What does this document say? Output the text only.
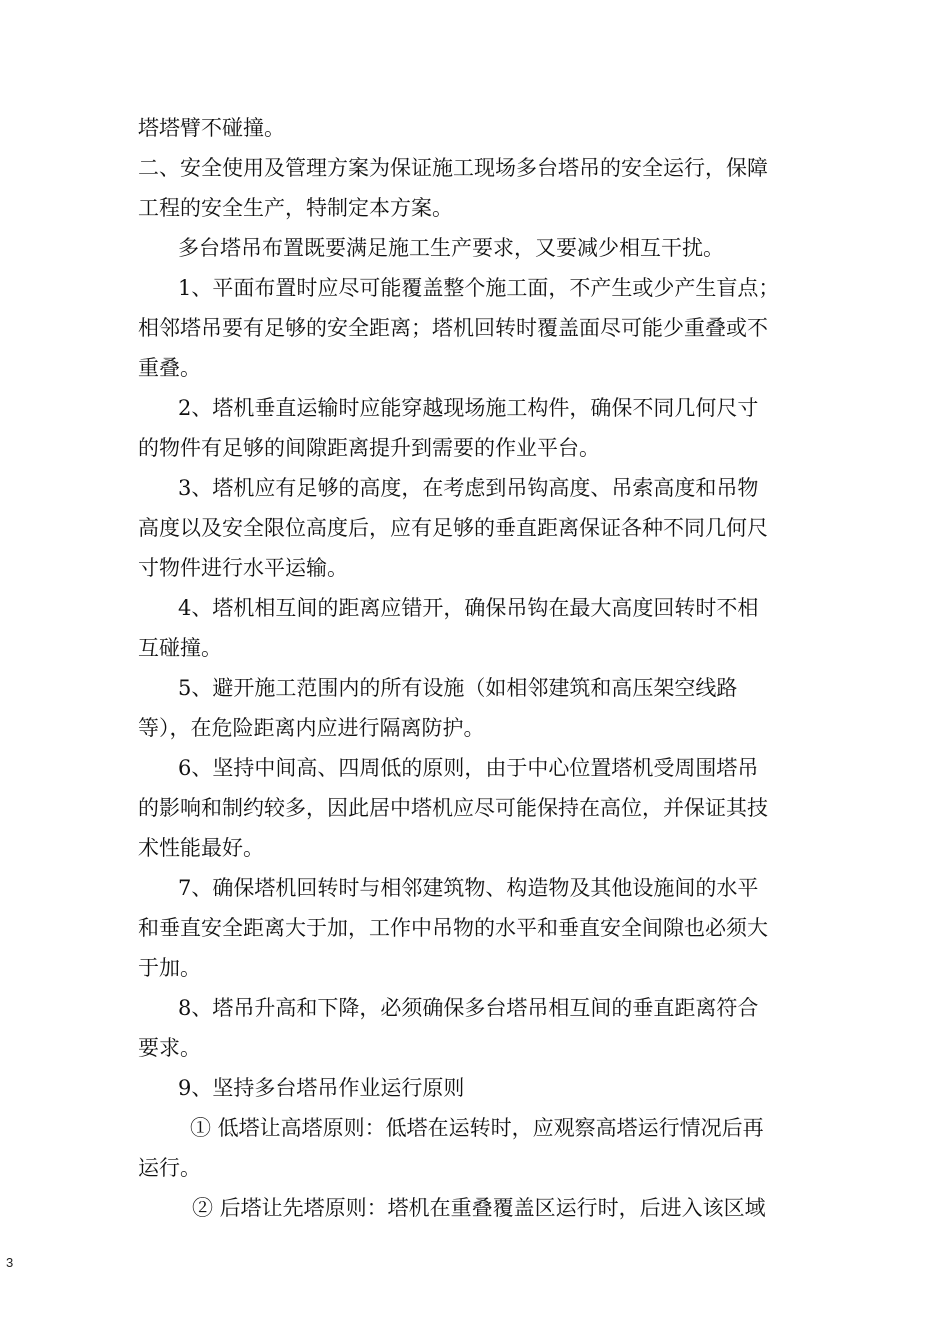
塔塔臂不碰撞。
二、安全使用及管理方案为保证施工现场多台塔吊的安全运行，保障
工程的安全生产，特制定本方案。
多台塔吊布置既要满足施工生产要求，又要减少相互干扰。
1、平面布置时应尽可能覆盖整个施工面，不产生或少产生盲点；
相邻塔吊要有足够的安全距离；塔机回转时覆盖面尽可能少重叠或不
重叠。
2、塔机垂直运输时应能穿越现场施工构件，确保不同几何尺寸
的物件有足够的间隙距离提升到需要的作业平台。
3、塔机应有足够的高度，在考虑到吊钩高度、吊索高度和吊物
高度以及安全限位高度后，应有足够的垂直距离保证各种不同几何尺
寸物件进行水平运输。
4、塔机相互间的距离应错开，确保吊钩在最大高度回转时不相
互碰撞。
5、避开施工范围内的所有设施（如相邻建筑和高压架空线路
等），在危险距离内应进行隔离防护。
6、坚持中间高、四周低的原则，由于中心位置塔机受周围塔吊
的影响和制约较多，因此居中塔机应尽可能保持在高位，并保证其技
术性能最好。
7、确保塔机回转时与相邻建筑物、构造物及其他设施间的水平
和垂直安全距离大于加，工作中吊物的水平和垂直安全间隙也必须大
于加。
8、塔吊升高和下降，必须确保多台塔吊相互间的垂直距离符合
要求。
9、坚持多台塔吊作业运行原则
① 低塔让高塔原则：低塔在运转时，应观察高塔运行情况后再
运行。
② 后塔让先塔原则：塔机在重叠覆盖区运行时，后进入该区域
3
